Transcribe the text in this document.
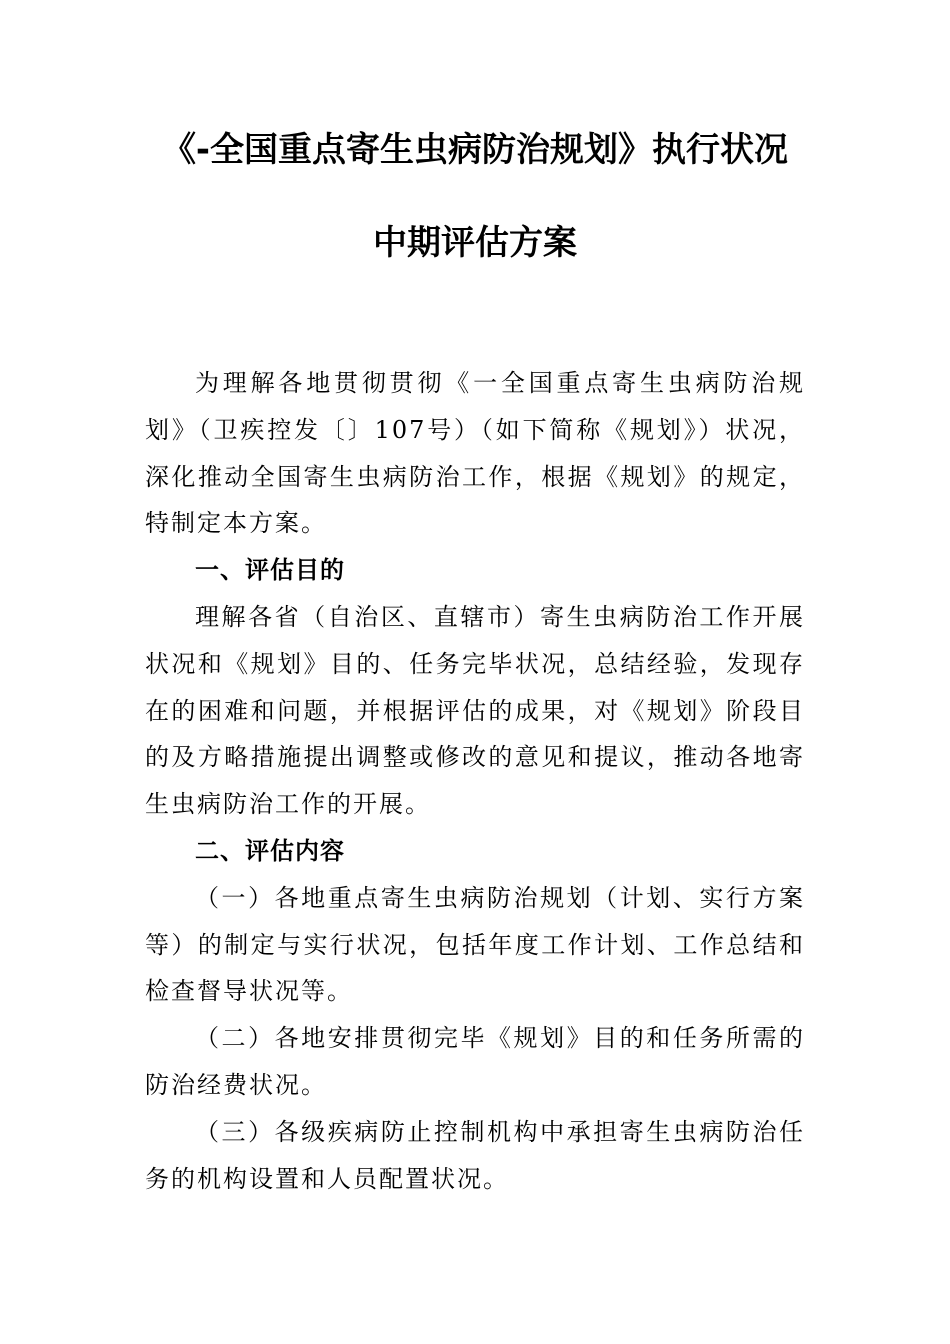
《-全国重点寄生虫病防治规划》执行状况
中期评估方案

为理解各地贯彻贯彻《一全国重点寄生虫病防治规划》（卫疾控发〔〕107号）（如下简称《规划》）状况，深化推动全国寄生虫病防治工作，根据《规划》的规定，特制定本方案。

一、评估目的

理解各省（自治区、直辖市）寄生虫病防治工作开展状况和《规划》目的、任务完毕状况，总结经验，发现存在的困难和问题，并根据评估的成果，对《规划》阶段目的及方略措施提出调整或修改的意见和提议，推动各地寄生虫病防治工作的开展。

二、评估内容

（一）各地重点寄生虫病防治规划（计划、实行方案等）的制定与实行状况，包括年度工作计划、工作总结和检查督导状况等。

（二）各地安排贯彻完毕《规划》目的和任务所需的防治经费状况。

（三）各级疾病防止控制机构中承担寄生虫病防治任务的机构设置和人员配置状况。
